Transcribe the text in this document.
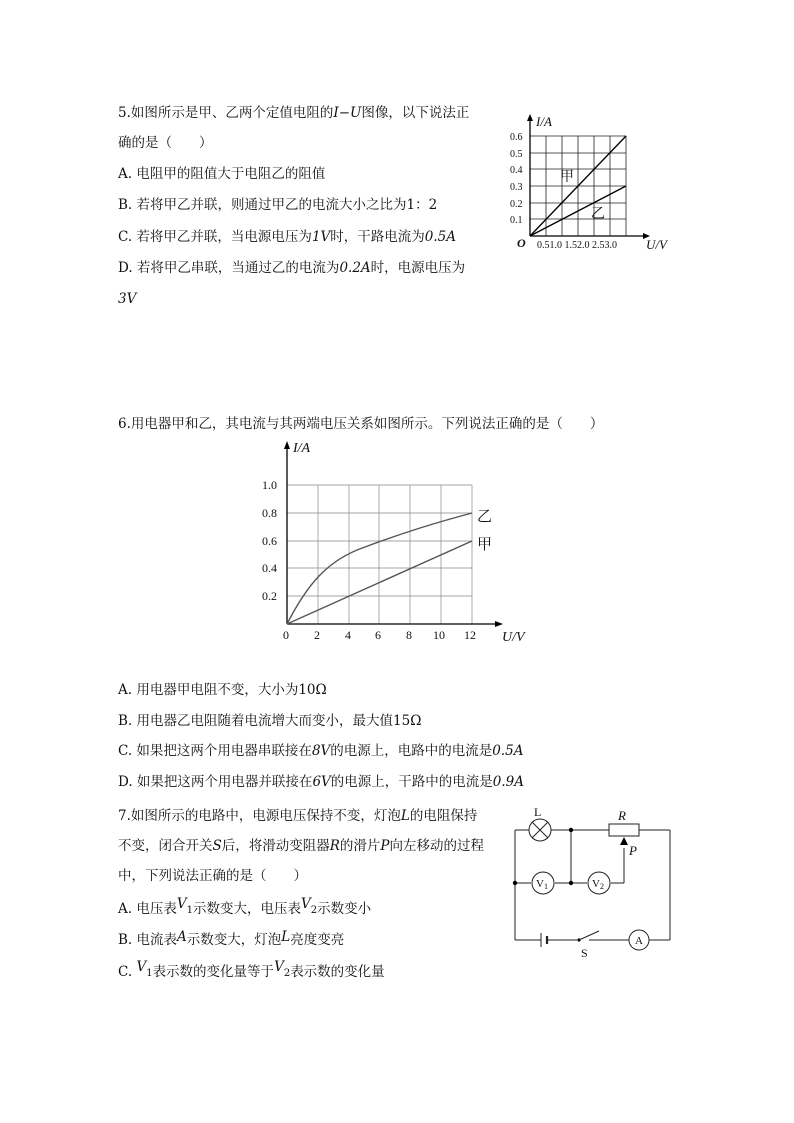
5.如图所示是甲、乙两个定值电阻的I−U图像，以下说法正
确的是（　　）
A. 电阻甲的阻值大于电阻乙的阻值
B. 若将甲乙并联，则通过甲乙的电流大小之比为1：2
C. 若将甲乙并联，当电源电压为1V时，干路电流为0.5A
D. 若将甲乙串联，当通过乙的电流为0.2A时，电源电压为
3V
I/A
0.6
0.5
0.4
0.3
0.2
0.1
O 0.51.0 1.52.0 2.53.0 U/V
甲
乙
6.用电器甲和乙，其电流与其两端电压关系如图所示。下列说法正确的是（　　）
I/A
1.0
0.8
0.6
0.4
0.2
0 2 4 6 8 10 12 U/V
乙
甲
A. 用电器甲电阻不变，大小为10Ω
B. 用电器乙电阻随着电流增大而变小，最大值15Ω
C. 如果把这两个用电器串联接在8V的电源上，电路中的电流是0.5A
D. 如果把这两个用电器并联接在6V的电源上，干路中的电流是0.9A
7.如图所示的电路中，电源电压保持不变，灯泡L的电阻保持
不变，闭合开关S后，将滑动变阻器R的滑片P向左移动的过程
中，下列说法正确的是（　　）
A. 电压表V1示数变大，电压表V2示数变小
B. 电流表A示数变大，灯泡L亮度变亮
C. V1表示数的变化量等于V2表示数的变化量
L	R
P
V1	V2
A
S
